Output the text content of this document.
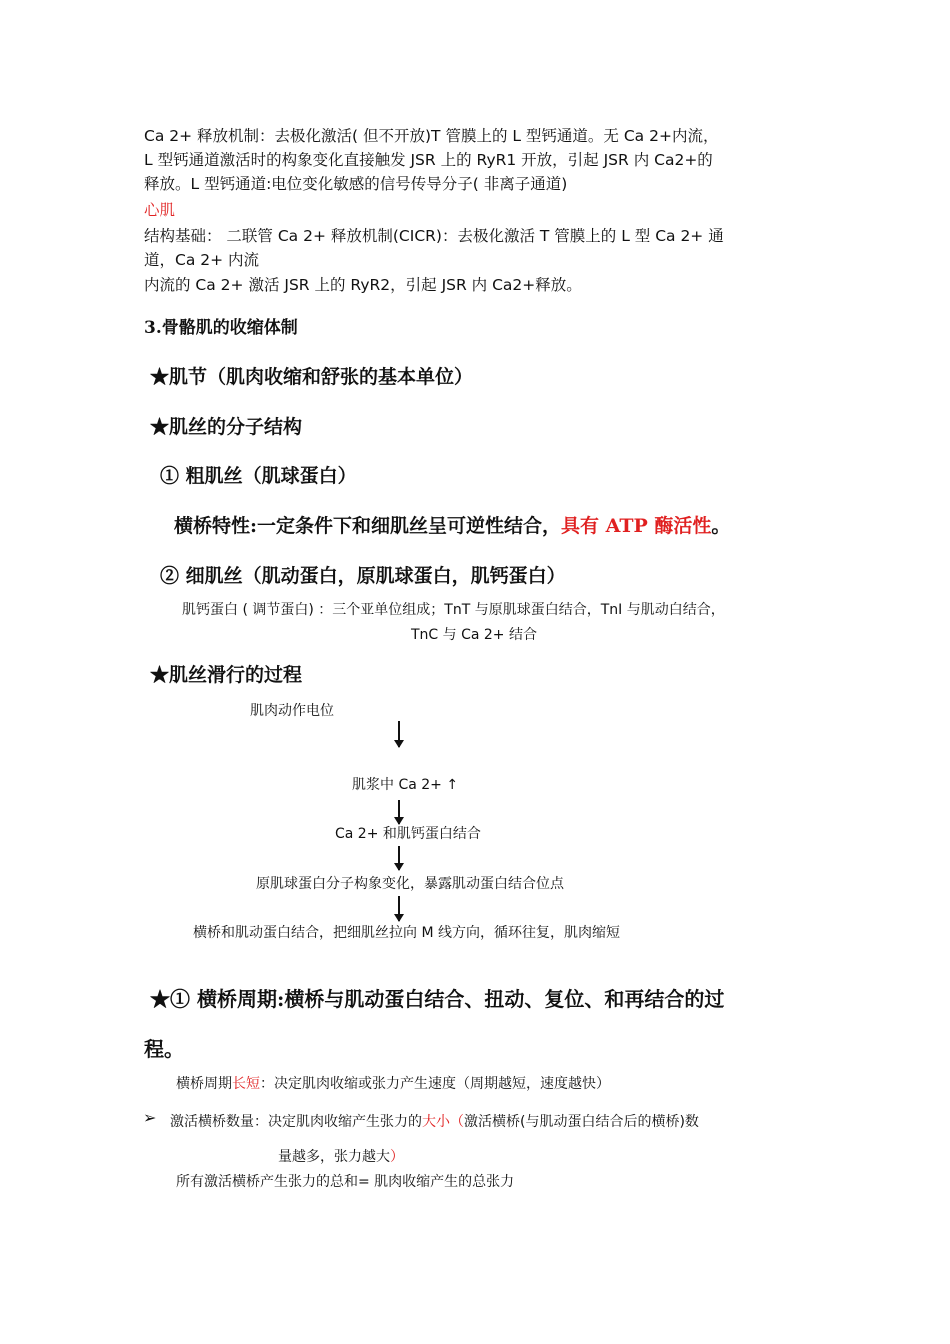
Ca 2+ 释放机制：去极化激活( 但不开放)T 管膜上的 L 型钙通道。无 Ca 2+内流，
L 型钙通道激活时的构象变化直接触发 JSR 上的 RyR1 开放，引起 JSR 内 Ca2+的
释放。L 型钙通道:电位变化敏感的信号传导分子( 非离子通道)
心肌
结构基础： 二联管 Ca 2+ 释放机制(CICR)：去极化激活 T 管膜上的 L 型 Ca 2+ 通
道，Ca 2+ 内流
内流的 Ca 2+ 激活 JSR 上的 RyR2，引起 JSR 内 Ca2+释放。
3.骨骼肌的收缩体制
★肌节（肌肉收缩和舒张的基本单位）
★肌丝的分子结构
① 粗肌丝（肌球蛋白）
横桥特性:一定条件下和细肌丝呈可逆性结合，具有 ATP 酶活性。
② 细肌丝（肌动蛋白，原肌球蛋白，肌钙蛋白）
肌钙蛋白 ( 调节蛋白) ：三个亚单位组成；TnT 与原肌球蛋白结合，TnI 与肌动白结合，
TnC 与 Ca 2+ 结合
★肌丝滑行的过程
肌肉动作电位
肌浆中 Ca 2+ ↑
Ca 2+ 和肌钙蛋白结合
原肌球蛋白分子构象变化，暴露肌动蛋白结合位点
横桥和肌动蛋白结合，把细肌丝拉向 M 线方向，循环往复，肌肉缩短
★① 横桥周期:横桥与肌动蛋白结合、扭动、复位、和再结合的过
程。
横桥周期长短：决定肌肉收缩或张力产生速度（周期越短，速度越快）
➢ 激活横桥数量：决定肌肉收缩产生张力的大小（激活横桥(与肌动蛋白结合后的横桥)数
量越多，张力越大）
所有激活横桥产生张力的总和= 肌肉收缩产生的总张力
